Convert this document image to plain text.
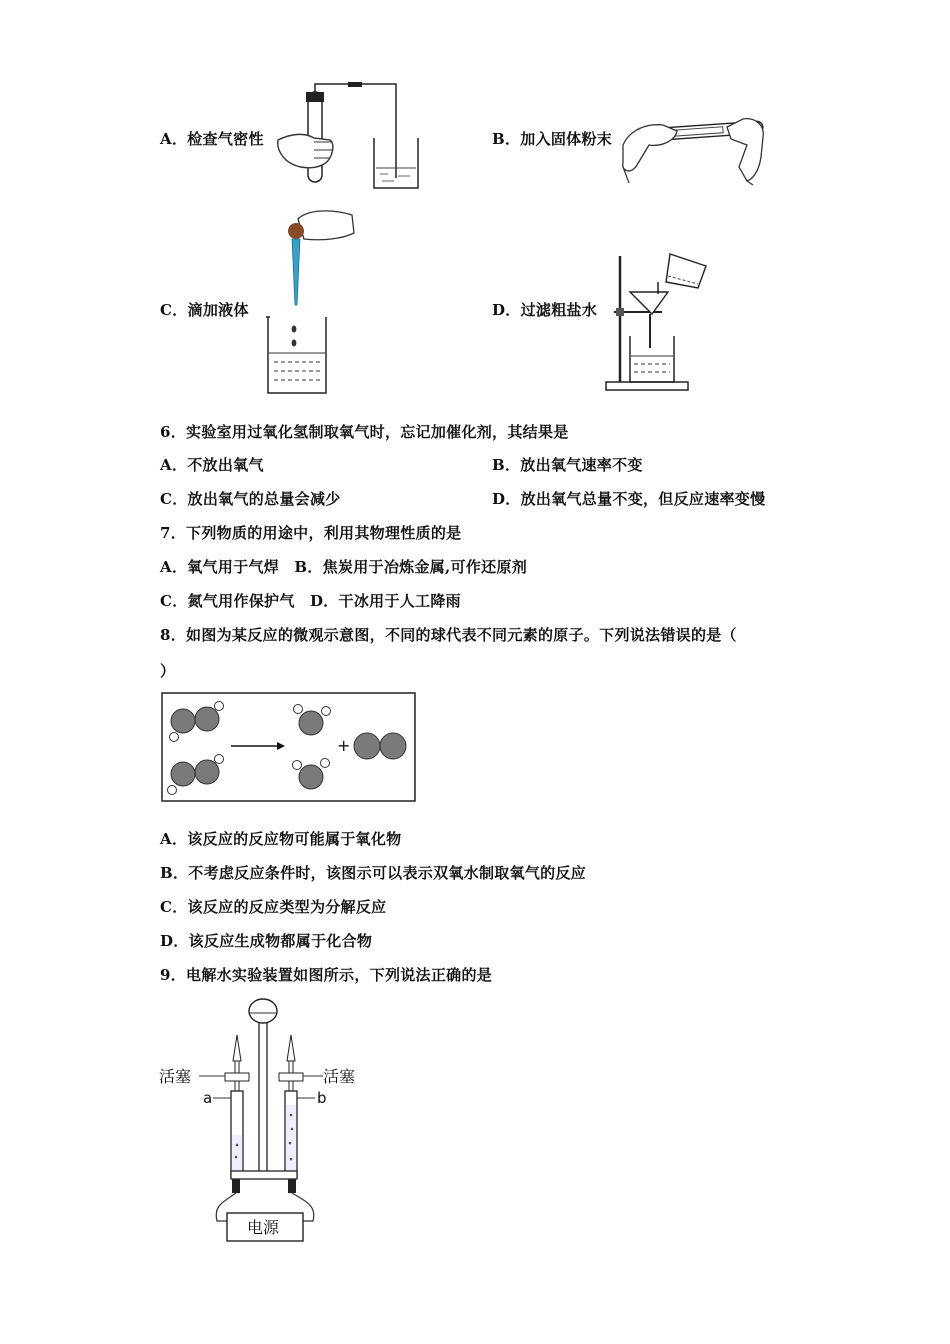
A．检查气密性	B．加入固体粉末
C．滴加液体	D．过滤粗盐水
6．实验室用过氧化氢制取氧气时，忘记加催化剂，其结果是
A．不放出氧气	B．放出氧气速率不变
C．放出氧气的总量会减少	D．放出氧气总量不变，但反应速率变慢
7．下列物质的用途中，利用其物理性质的是
A．氧气用于气焊　B．焦炭用于冶炼金属,可作还原剂
C．氮气用作保护气　D．干冰用于人工降雨
8．如图为某反应的微观示意图，不同的球代表不同元素的原子。下列说法错误的是（
）
+
A．该反应的反应物可能属于氧化物
B．不考虑反应条件时，该图示可以表示双氧水制取氧气的反应
C．该反应的反应类型为分解反应
D．该反应生成物都属于化合物
9．电解水实验装置如图所示，下列说法正确的是
电源
活塞	活塞
a	b
